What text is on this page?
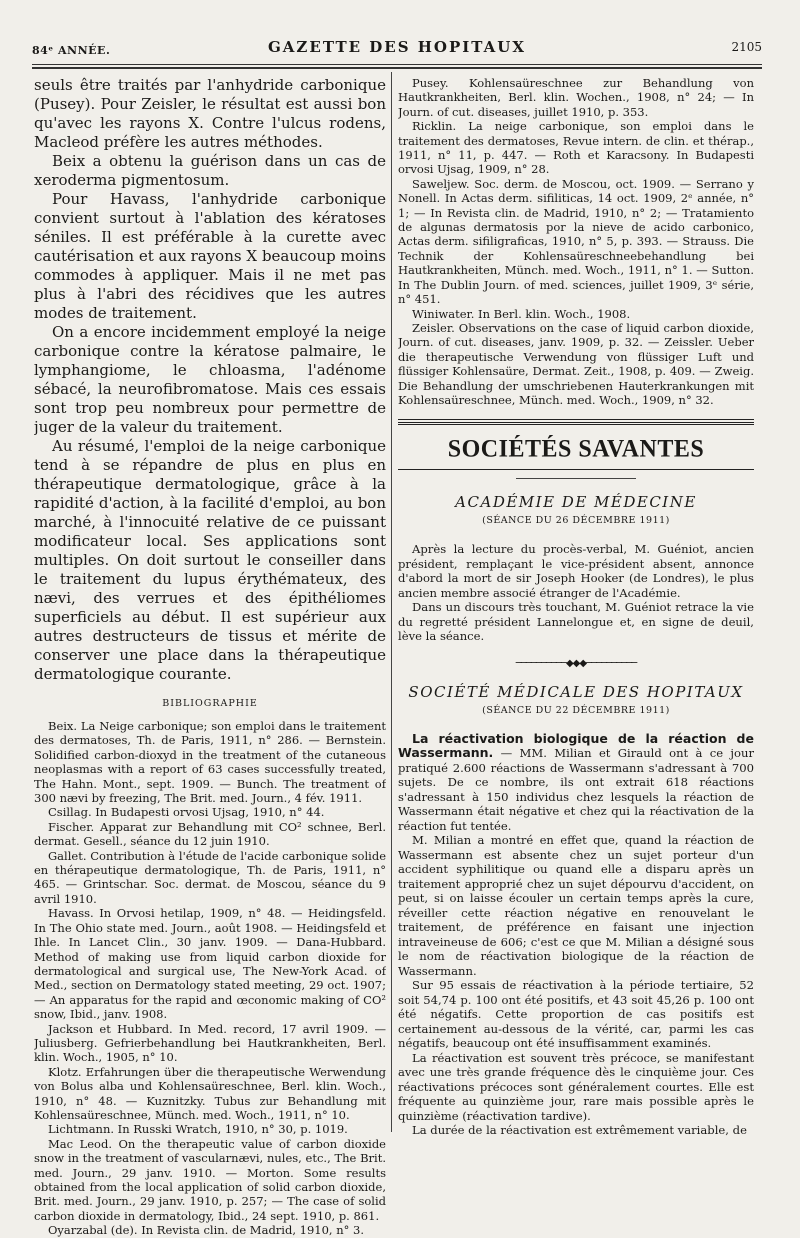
84ᵉ ANNÉE.	GAZETTE DES HOPITAUX	2105

seuls être traités par l'anhydride carbonique (Pusey). Pour Zeisler, le résultat est aussi bon qu'avec les rayons X. Contre l'ulcus rodens, Macleod préfère les autres méthodes.

Beix a obtenu la guérison dans un cas de xeroderma pigmentosum.

Pour Havass, l'anhydride carbonique convient surtout à l'ablation des kératoses séniles. Il est préférable à la curette avec cautérisation et aux rayons X beaucoup moins commodes à appliquer. Mais il ne met pas plus à l'abri des récidives que les autres modes de traitement.

On a encore incidemment employé la neige carbonique contre la kératose palmaire, le lymphangiome, le chloasma, l'adénome sébacé, la neurofibromatose. Mais ces essais sont trop peu nombreux pour permettre de juger de la valeur du traitement.

Au résumé, l'emploi de la neige carbonique tend à se répandre de plus en plus en thérapeutique dermatologique, grâce à la rapidité d'action, à la facilité d'emploi, au bon marché, à l'innocuité relative de ce puissant modificateur local. Ses applications sont multiples. On doit surtout le conseiller dans le traitement du lupus érythémateux, des nævi, des verrues et des épithéliomes superficiels au début. Il est supérieur aux autres destructeurs de tissus et mérite de conserver une place dans la thérapeutique dermatologique courante.

BIBLIOGRAPHIE

Beix. La Neige carbonique; son emploi dans le traitement des dermatoses, Th. de Paris, 1911, n° 286. — Bernstein. Solidified carbon-dioxyd in the treatment of the cutaneous neoplasmas with a report of 63 cases successfully treated, The Hahn. Mont., sept. 1909. — Bunch. The treatment of 300 nævi by freezing, The Brit. med. Journ., 4 fév. 1911.

Csillag. In Budapesti orvosi Ujsag, 1910, n° 44.

Fischer. Apparat zur Behandlung mit CO² schnee, Berl. dermat. Gesell., séance du 12 juin 1910.

Gallet. Contribution à l'étude de l'acide carbonique solide en thérapeutique dermatologique, Th. de Paris, 1911, n° 465. — Grintschar. Soc. dermat. de Moscou, séance du 9 avril 1910.

Havass. In Orvosi hetilap, 1909, n° 48. — Heidingsfeld. In The Ohio state med. Journ., août 1908. — Heidingsfeld et Ihle. In Lancet Clin., 30 janv. 1909. — Dana-Hubbard. Method of making use from liquid carbon dioxide for dermatological and surgical use, The New-York Acad. of Med., section on Dermatology stated meeting, 29 oct. 1907; — An apparatus for the rapid and œconomic making of CO² snow, Ibid., janv. 1908.

Jackson et Hubbard. In Med. record, 17 avril 1909. — Juliusberg. Gefrierbehandlung bei Hautkrankheiten, Berl. klin. Woch., 1905, n° 10.

Klotz. Erfahrungen über die therapeutische Werwendung von Bolus alba und Kohlensaüreschnee, Berl. klin. Woch., 1910, n° 48. — Kuznitzky. Tubus zur Behandlung mit Kohlensaüreschnee, Münch. med. Woch., 1911, n° 10.

Lichtmann. In Russki Wratch, 1910, n° 30, p. 1019.

Mac Leod. On the therapeutic value of carbon dioxide snow in the treatment of vascularnævi, nules, etc., The Brit. med. Journ., 29 janv. 1910. — Morton. Some results obtained from the local application of solid carbon dioxide, Brit. med. Journ., 29 janv. 1910, p. 257; — The case of solid carbon dioxide in dermatology, Ibid., 24 sept. 1910, p. 861.

Oyarzabal (de). In Revista clin. de Madrid, 1910, n° 3.

Pusey. Kohlensaüreschnee zur Behandlung von Hautkrankheiten, Berl. klin. Wochen., 1908, n° 24; — In Journ. of cut. diseases, juillet 1910, p. 353.

Ricklin. La neige carbonique, son emploi dans le traitement des dermatoses, Revue intern. de clin. et thérap., 1911, n° 11, p. 447. — Roth et Karacsony. In Budapesti orvosi Ujsag, 1909, n° 28.

Saweljew. Soc. derm. de Moscou, oct. 1909. — Serrano y Nonell. In Actas derm. sifiliticas, 14 oct. 1909, 2ᵉ année, n° 1; — In Revista clin. de Madrid, 1910, n° 2; — Tratamiento de algunas dermatosis por la nieve de acido carbonico, Actas derm. sifiligraficas, 1910, n° 5, p. 393. — Strauss. Die Technik der Kohlensaüreschneebehandlung bei Hautkrankheiten, Münch. med. Woch., 1911, n° 1. — Sutton. In The Dublin Journ. of med. sciences, juillet 1909, 3ᵉ série, n° 451.

Winiwater. In Berl. klin. Woch., 1908.

Zeisler. Observations on the case of liquid carbon dioxide, Journ. of cut. diseases, janv. 1909, p. 32. — Zeissler. Ueber die therapeutische Verwendung von flüssiger Luft und flüssiger Kohlensaüre, Dermat. Zeit., 1908, p. 409. — Zweig. Die Behandlung der umschriebenen Hauterkrankungen mit Kohlensaüreschnee, Münch. med. Woch., 1909, n° 32.

SOCIÉTÉS SAVANTES
ACADÉMIE DE MÉDECINE
(SÉANCE DU 26 DÉCEMBRE 1911)

Après la lecture du procès-verbal, M. Guéniot, ancien président, remplaçant le vice-président absent, annonce d'abord la mort de sir Joseph Hooker (de Londres), le plus ancien membre associé étranger de l'Académie.

Dans un discours très touchant, M. Guéniot retrace la vie du regretté président Lannelongue et, en signe de deuil, lève la séance.

──────────◆◆◆──────────
SOCIÉTÉ MÉDICALE DES HOPITAUX
(SÉANCE DU 22 DÉCEMBRE 1911)

La réactivation biologique de la réaction de Wassermann. — MM. Milian et Girauld ont à ce jour pratiqué 2.600 réactions de Wassermann s'adressant à 700 sujets. De ce nombre, ils ont extrait 618 réactions s'adressant à 150 individus chez lesquels la réaction de Wassermann était négative et chez qui la réactivation de la réaction fut tentée.

M. Milian a montré en effet que, quand la réaction de Wassermann est absente chez un sujet porteur d'un accident syphilitique ou quand elle a disparu après un traitement approprié chez un sujet dépourvu d'accident, on peut, si on laisse écouler un certain temps après la cure, réveiller cette réaction négative en renouvelant le traitement, de préférence en faisant une injection intraveineuse de 606; c'est ce que M. Milian a désigné sous le nom de réactivation biologique de la réaction de Wassermann.

Sur 95 essais de réactivation à la période tertiaire, 52 soit 54,74 p. 100 ont été positifs, et 43 soit 45,26 p. 100 ont été négatifs. Cette proportion de cas positifs est certainement au-dessous de la vérité, car, parmi les cas négatifs, beaucoup ont été insuffisamment examinés.

La réactivation est souvent très précoce, se manifestant avec une très grande fréquence dès le cinquième jour. Ces réactivations précoces sont généralement courtes. Elle est fréquente au quinzième jour, rare mais possible après le quinzième (réactivation tardive).

La durée de la réactivation est extrêmement variable, de
